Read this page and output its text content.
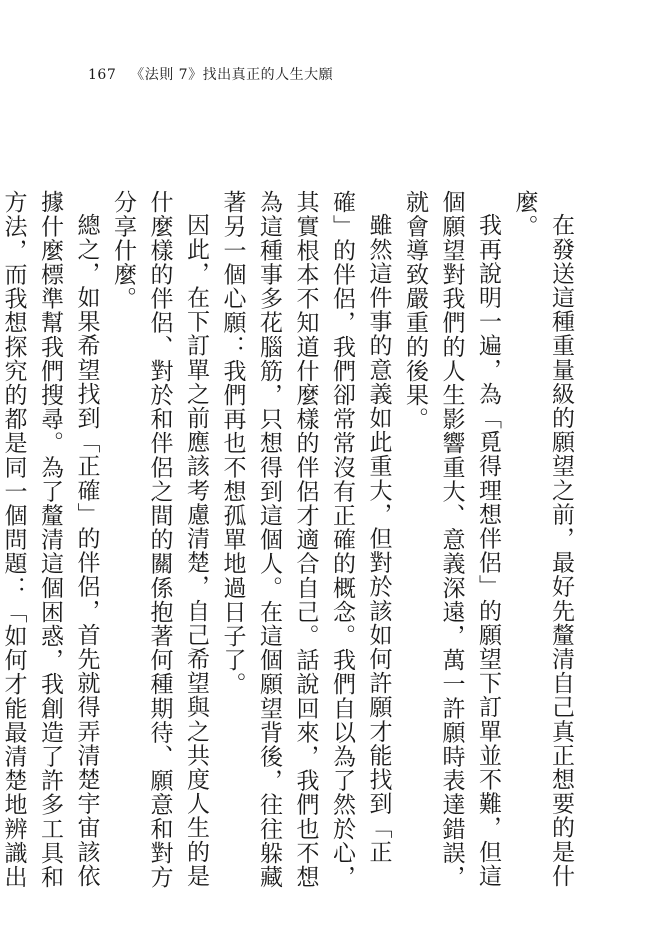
167 《法則 7》找出真正的人生大願

在發送這種重量級的願望之前，最好先釐清自己真正想要的是什麼。

我再說明一遍，為「覓得理想伴侶」的願望下訂單並不難，但這個願望對我們的人生影響重大、意義深遠，萬一許願時表達錯誤，就會導致嚴重的後果。

雖然這件事的意義如此重大，但對於該如何許願才能找到「正確」的伴侶，我們卻常常沒有正確的概念。我們自以為了然於心，其實根本不知道什麼樣的伴侶才適合自己。話說回來，我們也不想為這種事多花腦筋，只想得到這個人。在這個願望背後，往往躲藏著另一個心願：我們再也不想孤單地過日子了。

因此，在下訂單之前應該考慮清楚，自己希望與之共度人生的是什麼樣的伴侶、對於和伴侶之間的關係抱著何種期待、願意和對方分享什麼。

總之，如果希望找到「正確」的伴侶，首先就得弄清楚宇宙該依據什麼標準幫我們搜尋。為了釐清這個困惑，我創造了許多工具和方法，而我想探究的都是同一個問題：「如何才能最清楚地辨識出
